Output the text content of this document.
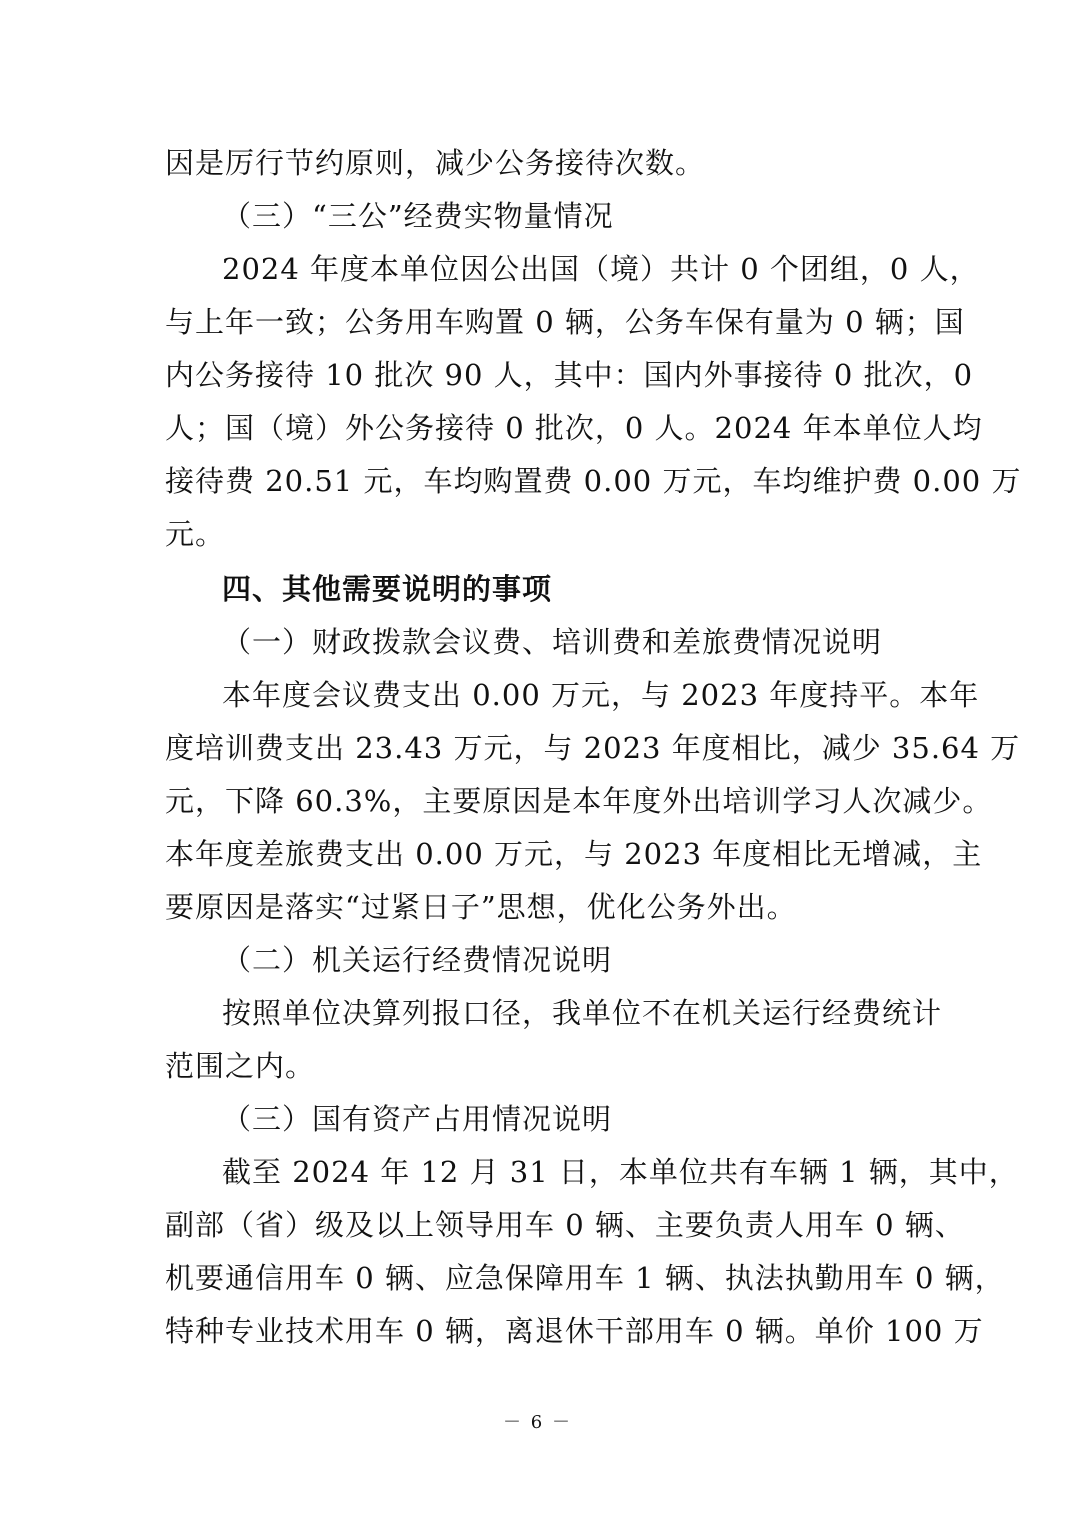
因是厉行节约原则，减少公务接待次数。
（三）“三公”经费实物量情况
2024 年度本单位因公出国（境）共计 0 个团组，0 人，
与上年一致；公务用车购置 0 辆，公务车保有量为 0 辆；国
内公务接待 10 批次 90 人，其中：国内外事接待 0 批次，0
人；国（境）外公务接待 0 批次，0 人。2024 年本单位人均
接待费 20.51 元，车均购置费 0.00 万元，车均维护费 0.00 万
元。
四、其他需要说明的事项
（一）财政拨款会议费、培训费和差旅费情况说明
本年度会议费支出 0.00 万元，与 2023 年度持平。本年
度培训费支出 23.43 万元，与 2023 年度相比，减少 35.64 万
元，下降 60.3%，主要原因是本年度外出培训学习人次减少。
本年度差旅费支出 0.00 万元，与 2023 年度相比无增减，主
要原因是落实“过紧日子”思想，优化公务外出。
（二）机关运行经费情况说明
按照单位决算列报口径，我单位不在机关运行经费统计
范围之内。
（三）国有资产占用情况说明
截至 2024 年 12 月 31 日，本单位共有车辆 1 辆，其中，
副部（省）级及以上领导用车 0 辆、主要负责人用车 0 辆、
机要通信用车 0 辆、应急保障用车 1 辆、执法执勤用车 0 辆，
特种专业技术用车 0 辆，离退休干部用车 0 辆。单价 100 万
－ 6 －
